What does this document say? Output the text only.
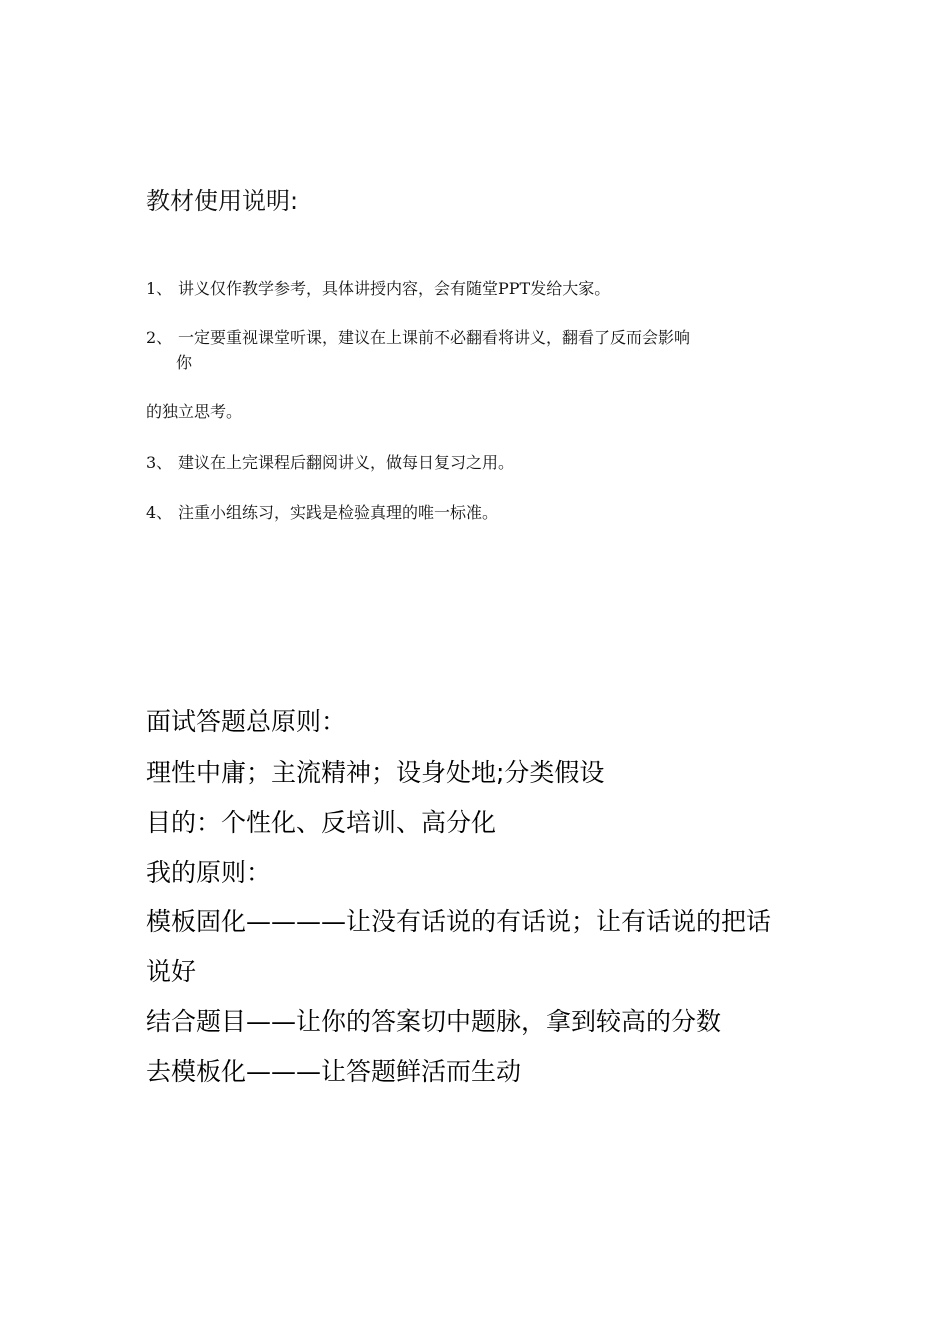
教材使用说明:
1、 讲义仅作教学参考，具体讲授内容，会有随堂PPT发给大家。
2、 一定要重视课堂听课，建议在上课前不必翻看将讲义，翻看了反而会影响
你
的独立思考。
3、 建议在上完课程后翻阅讲义，做每日复习之用。
4、 注重小组练习，实践是检验真理的唯一标准。
面试答题总原则：
理性中庸；主流精神；设身处地;分类假设
目的：个性化、反培训、高分化
我的原则：
模板固化————让没有话说的有话说；让有话说的把话
说好
结合题目——让你的答案切中题脉，拿到较高的分数
去模板化———让答题鲜活而生动
